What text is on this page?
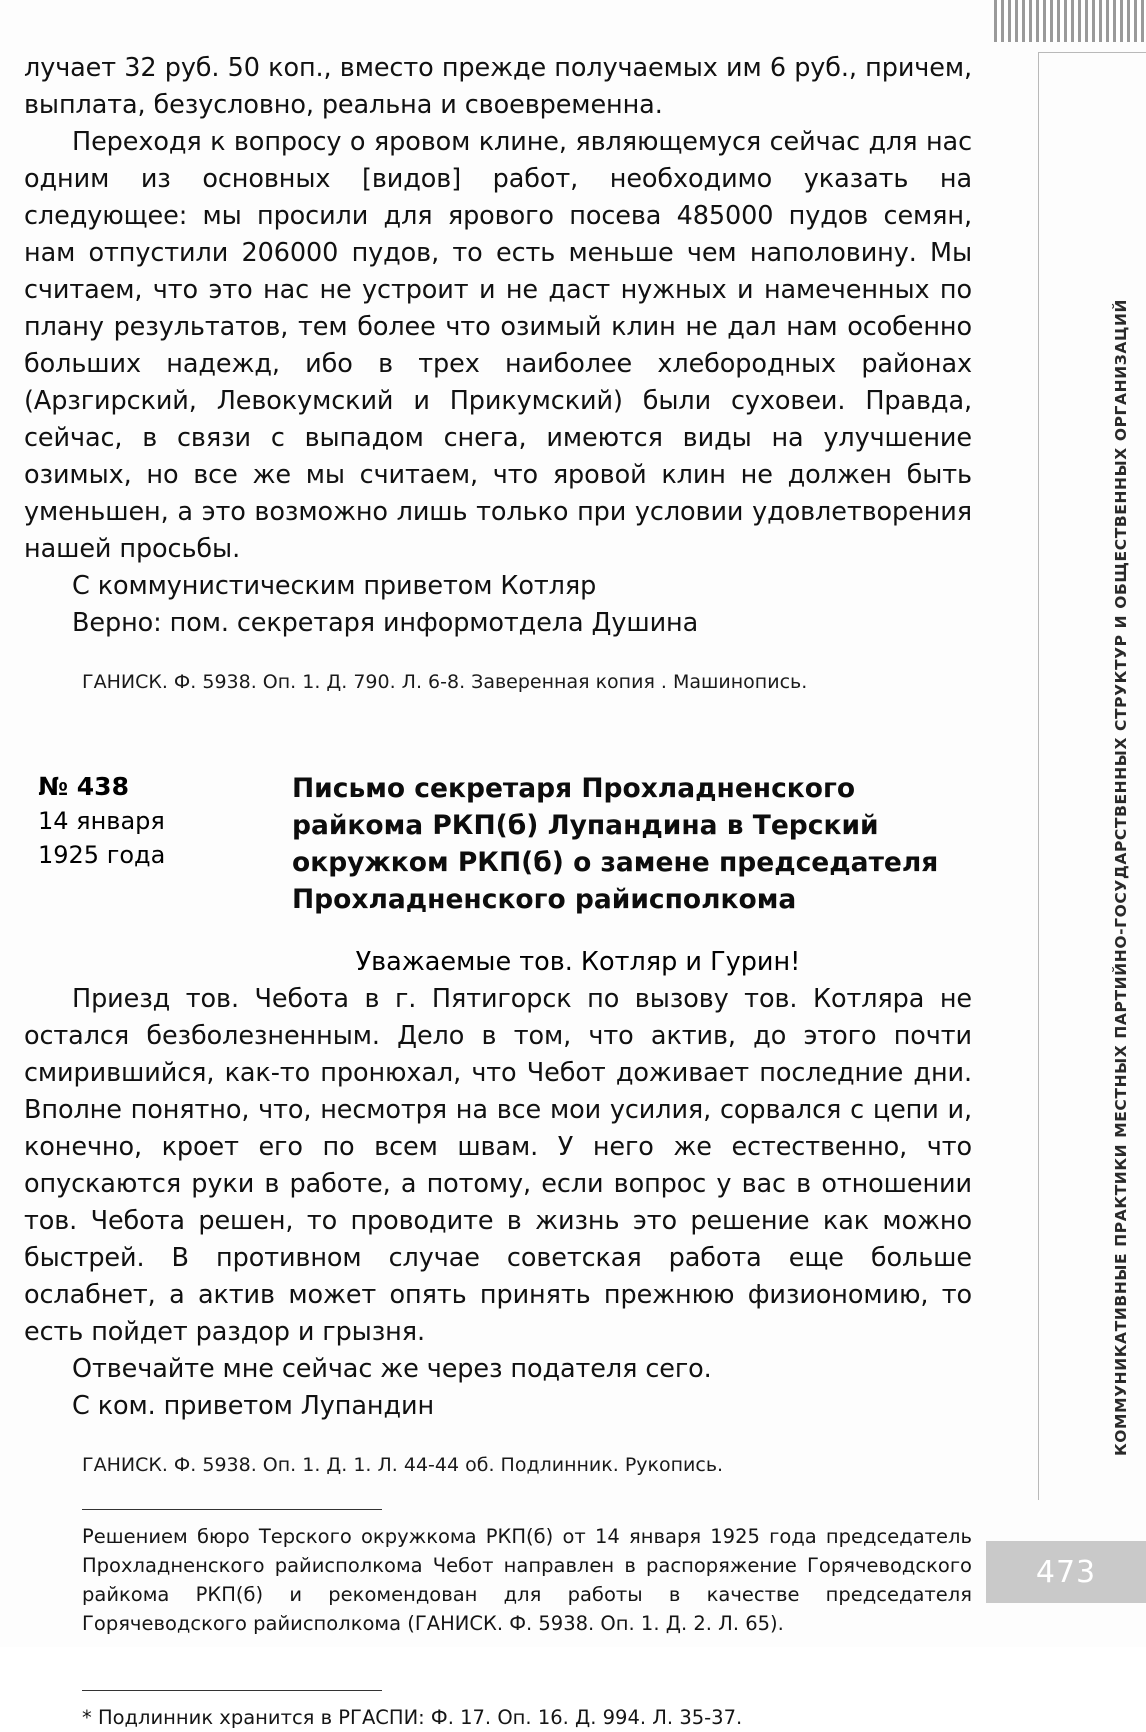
КОММУНИКАТИВНЫЕ ПРАКТИКИ МЕСТНЫХ ПАРТИЙНО-ГОСУДАРСТВЕННЫХ СТРУКТУР И ОБЩЕСТВЕННЫХ ОРГАНИЗАЦИЙ
473

лучает 32 руб. 50 коп., вместо прежде получаемых им 6 руб., причем, выплата, безусловно, реальна и своевременна.

Переходя к вопросу о яровом клине, являющемуся сейчас для нас одним из основных [видов] работ, необходимо указать на следующее: мы просили для ярового посева 485000 пудов семян, нам отпустили 206000 пудов, то есть меньше чем наполовину. Мы считаем, что это нас не устроит и не даст нужных и намеченных по плану результатов, тем более что озимый клин не дал нам особенно больших надежд, ибо в трех наиболее хлебородных районах (Арзгирский, Левокумский и Прикумский) были суховеи. Правда, сейчас, в связи с выпадом снега, имеются виды на улучшение озимых, но все же мы считаем, что яровой клин не должен быть уменьшен, а это возможно лишь только при условии удовлетворения нашей просьбы.

С коммунистическим приветом Котляр

Верно: пом. секретаря информотдела Душина

ГАНИСК. Ф. 5938. Оп. 1. Д. 790. Л. 6-8. Заверенная копия . Машинопись.

№ 438

14 января

1925 года

Письмо секретаря Прохладненского райкома РКП(б) Лупандина в Терский окружком РКП(б) о замене председателя Прохладненского райисполкома

Уважаемые тов. Котляр и Гурин!

Приезд тов. Чебота в г. Пятигорск по вызову тов. Котляра не остался безболезненным. Дело в том, что актив, до этого почти смирившийся, как-то пронюхал, что Чебот доживает последние дни. Вполне понятно, что, несмотря на все мои усилия, сорвался с цепи и, конечно, кроет его по всем швам. У него же естественно, что опускаются руки в работе, а потому, если вопрос у вас в отношении тов. Чебота решен, то проводите в жизнь это решение как можно быстрей. В противном случае советская работа еще больше ослабнет, а актив может опять принять прежнюю физиономию, то есть пойдет раздор и грызня.

Отвечайте мне сейчас же через подателя сего.

С ком. приветом Лупандин

ГАНИСК. Ф. 5938. Оп. 1. Д. 1. Л. 44-44 об. Подлинник. Рукопись.

Решением бюро Терского окружкома РКП(б) от 14 января 1925 года председатель Прохладненского райисполкома Чебот направлен в распоряжение Горячеводского райкома РКП(б) и рекомендован для работы в качестве председателя Горячеводского райисполкома (ГАНИСК. Ф. 5938. Оп. 1. Д. 2. Л. 65).

* Подлинник хранится в РГАСПИ: Ф. 17. Оп. 16. Д. 994. Л. 35-37.
